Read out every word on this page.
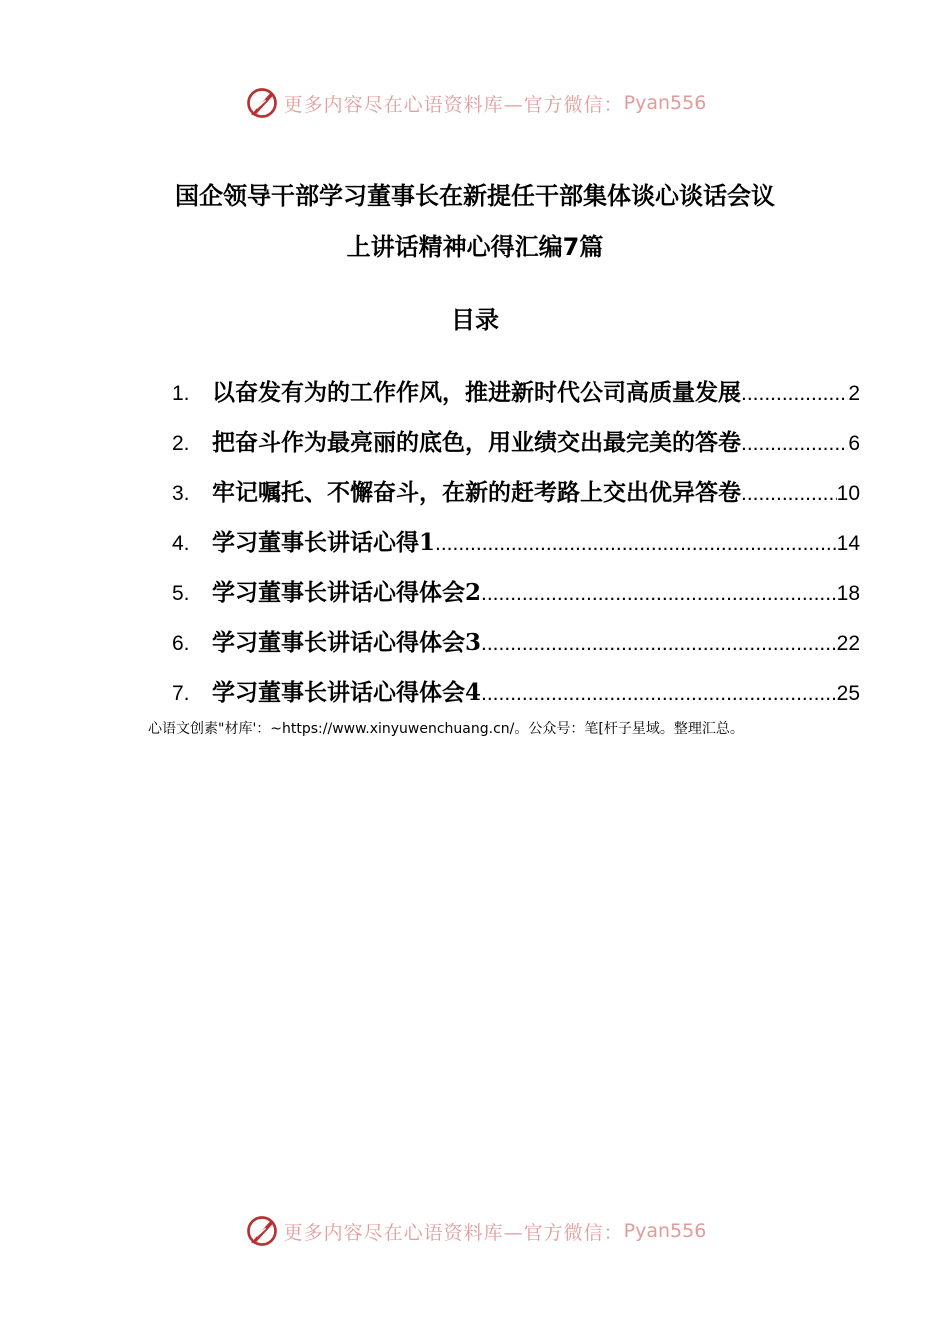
更多内容尽在心语资料库—官方微信： Pyan556
国企领导干部学习董事长在新提任干部集体谈心谈话会议
上讲话精神心得汇编7篇
目录
1. 以奋发有为的工作作风，推进新时代公司高质量发展 .....	2
2. 把奋斗作为最亮丽的底色，用业绩交出最完美的答卷 .....	6
3. 牢记嘱托、不懈奋斗，在新的赶考路上交出优异答卷 .....	10
4. 学习董事长讲话心得1 .....	14
5. 学习董事长讲话心得体会2 .....	18
6. 学习董事长讲话心得体会3 .....	22
7. 学习董事长讲话心得体会4 .....	25
心语文创素"材库'：~https://www.xinyuwenchuang.cn/。公众号：笔[杆子星域。整理汇总。
更多内容尽在心语资料库—官方微信： Pyan556
